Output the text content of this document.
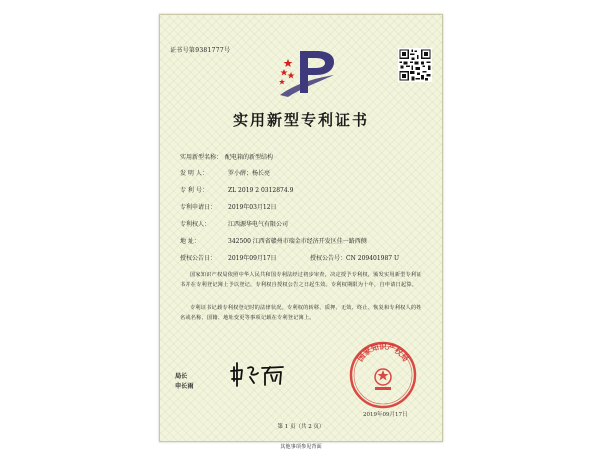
证书号第9381777号
实用新型专利证书
实用新型名称： 配电箱的新型结构
发 明 人：	罗小薛；杨长亮
专 利 号：	ZL 2019 2 0312874.9
专利申请日： 2019年03月12日
专利权人：	江西源华电气有限公司
地 址：	342500 江西省赣州市瑞金市经济开发区佳一路西侧
授权公告日： 2019年09月17日	授权公告号：CN 209401987 U
国家知识产权局依照中华人民共和国专利法经过初步审查，决定授予专利权，颁发实用新型专利证书并在专利登记簿上予以登记。专利权自授权公告之日起生效。专利权期限为十年，自申请日起算。
专利证书记载专利权登记时的法律状况。专利权的转移、质押、无效、终止、恢复和专利权人的姓名或名称、国籍、地址变更等事项记载在专利登记簿上。
局长
申长雨
国家知识产权局
2019年09月17日
第 1 页（共 2 页）
其他事项参见背面
